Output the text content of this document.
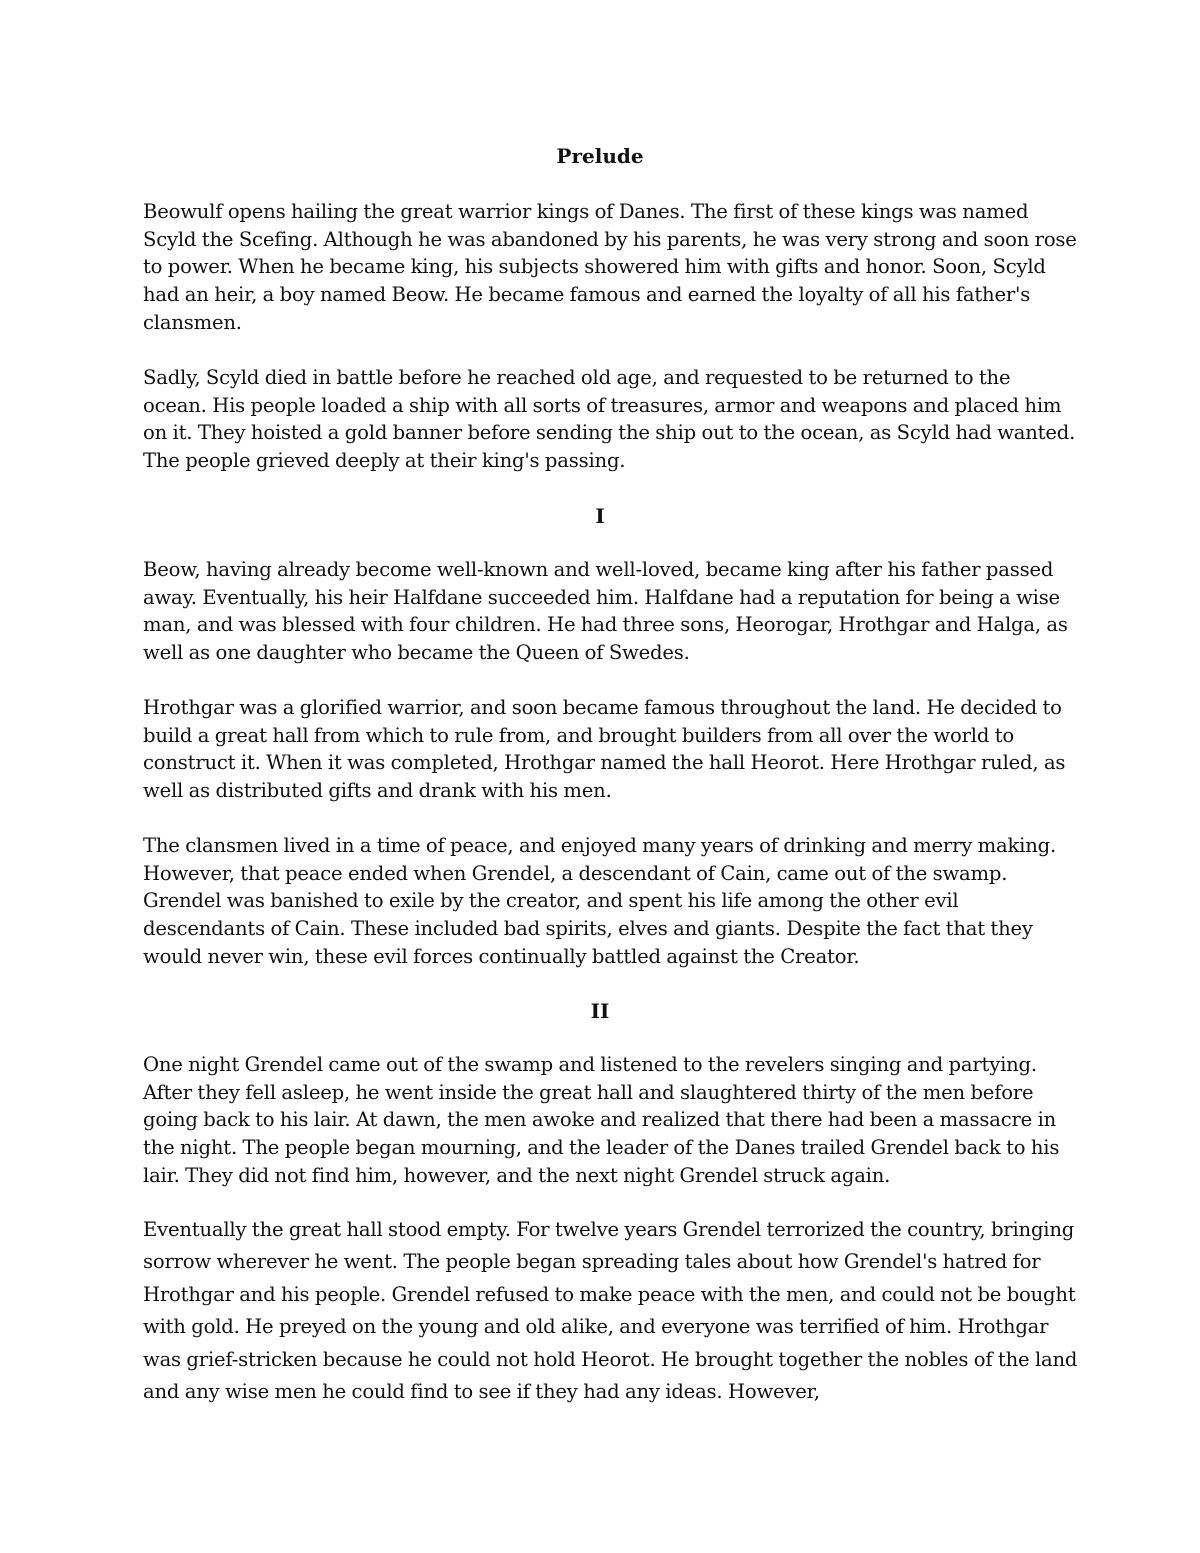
Prelude

Beowulf opens hailing the great warrior kings of Danes. The first of these kings was named Scyld the Scefing. Although he was abandoned by his parents, he was very strong and soon rose to power. When he became king, his subjects showered him with gifts and honor. Soon, Scyld had an heir, a boy named Beow. He became famous and earned the loyalty of all his father's clansmen.

Sadly, Scyld died in battle before he reached old age, and requested to be returned to the ocean. His people loaded a ship with all sorts of treasures, armor and weapons and placed him on it. They hoisted a gold banner before sending the ship out to the ocean, as Scyld had wanted. The people grieved deeply at their king's passing.

I

Beow, having already become well-known and well-loved, became king after his father passed away. Eventually, his heir Halfdane succeeded him. Halfdane had a reputation for being a wise man, and was blessed with four children. He had three sons, Heorogar, Hrothgar and Halga, as well as one daughter who became the Queen of Swedes.

Hrothgar was a glorified warrior, and soon became famous throughout the land. He decided to build a great hall from which to rule from, and brought builders from all over the world to construct it. When it was completed, Hrothgar named the hall Heorot. Here Hrothgar ruled, as well as distributed gifts and drank with his men.

The clansmen lived in a time of peace, and enjoyed many years of drinking and merry making. However, that peace ended when Grendel, a descendant of Cain, came out of the swamp. Grendel was banished to exile by the creator, and spent his life among the other evil descendants of Cain. These included bad spirits, elves and giants. Despite the fact that they would never win, these evil forces continually battled against the Creator.

II

One night Grendel came out of the swamp and listened to the revelers singing and partying. After they fell asleep, he went inside the great hall and slaughtered thirty of the men before going back to his lair. At dawn, the men awoke and realized that there had been a massacre in the night. The people began mourning, and the leader of the Danes trailed Grendel back to his lair. They did not find him, however, and the next night Grendel struck again.

Eventually the great hall stood empty. For twelve years Grendel terrorized the country, bringing sorrow wherever he went. The people began spreading tales about how Grendel's hatred for Hrothgar and his people. Grendel refused to make peace with the men, and could not be bought with gold. He preyed on the young and old alike, and everyone was terrified of him. Hrothgar was grief-stricken because he could not hold Heorot. He brought together the nobles of the land and any wise men he could find to see if they had any ideas. However,
